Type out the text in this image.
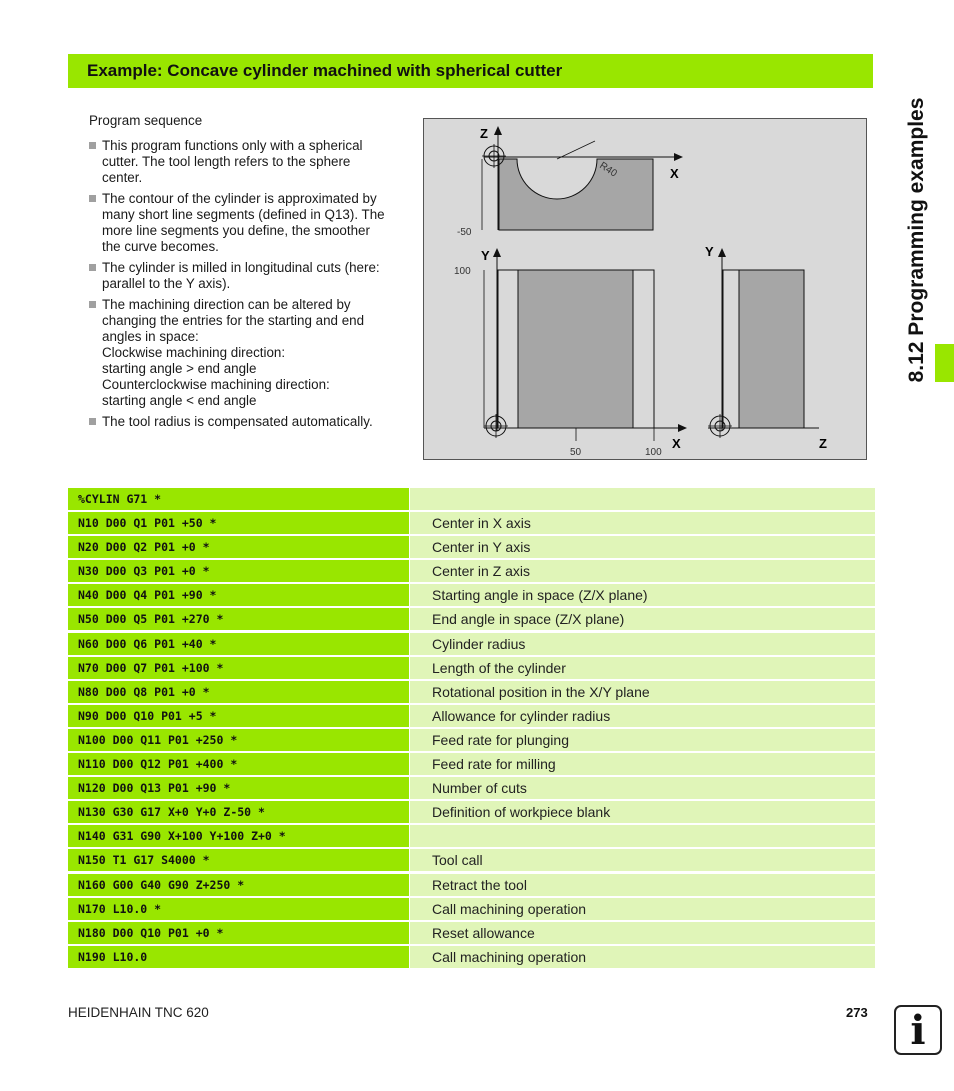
Example: Concave cylinder machined with spherical cutter
8.12 Programming examples
Program sequence
This program functions only with a spherical
cutter. The tool length refers to the sphere
center.
The contour of the cylinder is approximated by
many short line segments (defined in Q13). The
more line segments you define, the smoother
the curve becomes.
The cylinder is milled in longitudinal cuts (here:
parallel to the Y axis).
The machining direction can be altered by
changing the entries for the starting and end
angles in space:
Clockwise machining direction:
starting angle > end angle
Counterclockwise machining direction:
starting angle < end angle
The tool radius is compensated automatically.
Z
X
R40
-50
Y
100
X
50	100
Y
Z
%CYLIN G71 *
N10 D00 Q1 P01 +50 *	Center in X axis
N20 D00 Q2 P01 +0 *	Center in Y axis
N30 D00 Q3 P01 +0 *	Center in Z axis
N40 D00 Q4 P01 +90 *	Starting angle in space (Z/X plane)
N50 D00 Q5 P01 +270 *	End angle in space (Z/X plane)
N60 D00 Q6 P01 +40 *	Cylinder radius
N70 D00 Q7 P01 +100 *	Length of the cylinder
N80 D00 Q8 P01 +0 *	Rotational position in the X/Y plane
N90 D00 Q10 P01 +5 *	Allowance for cylinder radius
N100 D00 Q11 P01 +250 *	Feed rate for plunging
N110 D00 Q12 P01 +400 *	Feed rate for milling
N120 D00 Q13 P01 +90 *	Number of cuts
N130 G30 G17 X+0 Y+0 Z-50 *	Definition of workpiece blank
N140 G31 G90 X+100 Y+100 Z+0 *
N150 T1 G17 S4000 *	Tool call
N160 G00 G40 G90 Z+250 *	Retract the tool
N170 L10.0 *	Call machining operation
N180 D00 Q10 P01 +0 *	Reset allowance
N190 L10.0	Call machining operation
HEIDENHAIN TNC 620	273	i
